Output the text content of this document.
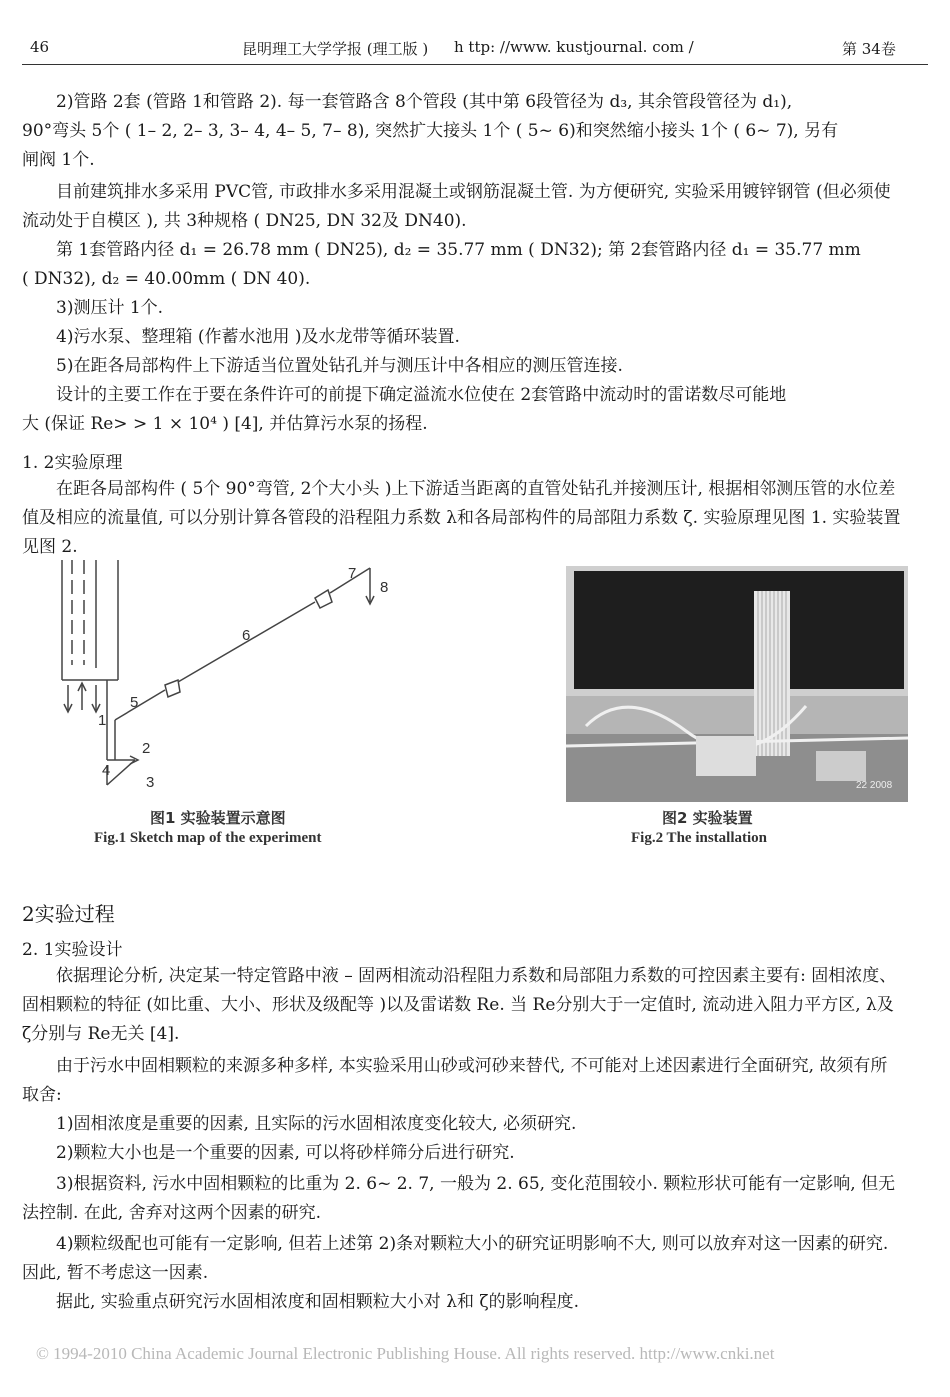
46	昆明理工大学学报 (理工版 ) h ttp: //www. kustjournal. com /	第 34卷

2)管路 2套 (管路 1和管路 2). 每一套管路含 8个管段 (其中第 6段管径为 d₃, 其余管段管径为 d₁),

90°弯头 5个 ( 1– 2, 2– 3, 3– 4, 4– 5, 7– 8), 突然扩大接头 1个 ( 5~ 6)和突然缩小接头 1个 ( 6~ 7), 另有

闸阀 1个.

目前建筑排水多采用 PVC管, 市政排水多采用混凝土或钢筋混凝土管. 为方便研究, 实验采用镀锌钢管 (但必须使流动处于自模区 ), 共 3种规格 ( DN25, DN 32及 DN40).

第 1套管路内径 d₁ = 26.78 mm ( DN25), d₂ = 35.77 mm ( DN32); 第 2套管路内径 d₁ = 35.77 mm

( DN32), d₂ = 40.00mm ( DN 40).

3)测压计 1个.

4)污水泵、整理箱 (作蓄水池用 )及水龙带等循环装置.

5)在距各局部构件上下游适当位置处钻孔并与测压计中各相应的测压管连接.

设计的主要工作在于要在条件许可的前提下确定溢流水位使在 2套管路中流动时的雷诺数尽可能地

大 (保证 Re> > 1 × 10⁴ ) [4], 并估算污水泵的扬程.

1. 2实验原理

在距各局部构件 ( 5个 90°弯管, 2个大小头 )上下游适当距离的直管处钻孔并接测压计, 根据相邻测压管的水位差值及相应的流量值, 可以分别计算各管段的沿程阻力系数 λ和各局部构件的局部阻力系数 ζ. 实验原理见图 1. 实验装置见图 2.

1
2
3
4
5
6
7
8
图1 实验装置示意图
Fig.1 Sketch map of the experiment
22 2008
图2 实验装置
Fig.2 The installation
2实验过程
2. 1实验设计

依据理论分析, 决定某一特定管路中液 – 固两相流动沿程阻力系数和局部阻力系数的可控因素主要有: 固相浓度、固相颗粒的特征 (如比重、大小、形状及级配等 )以及雷诺数 Re. 当 Re分别大于一定值时, 流动进入阻力平方区, λ及 ζ分别与 Re无关 [4].

由于污水中固相颗粒的来源多种多样, 本实验采用山砂或河砂来替代, 不可能对上述因素进行全面研究, 故须有所取舍:

1)固相浓度是重要的因素, 且实际的污水固相浓度变化较大, 必须研究.

2)颗粒大小也是一个重要的因素, 可以将砂样筛分后进行研究.

3)根据资料, 污水中固相颗粒的比重为 2. 6~ 2. 7, 一般为 2. 65, 变化范围较小. 颗粒形状可能有一定影响, 但无法控制. 在此, 舍弃对这两个因素的研究.

4)颗粒级配也可能有一定影响, 但若上述第 2)条对颗粒大小的研究证明影响不大, 则可以放弃对这一因素的研究. 因此, 暂不考虑这一因素.

据此, 实验重点研究污水固相浓度和固相颗粒大小对 λ和 ζ的影响程度.

© 1994-2010 China Academic Journal Electronic Publishing House. All rights reserved. http://www.cnki.net
